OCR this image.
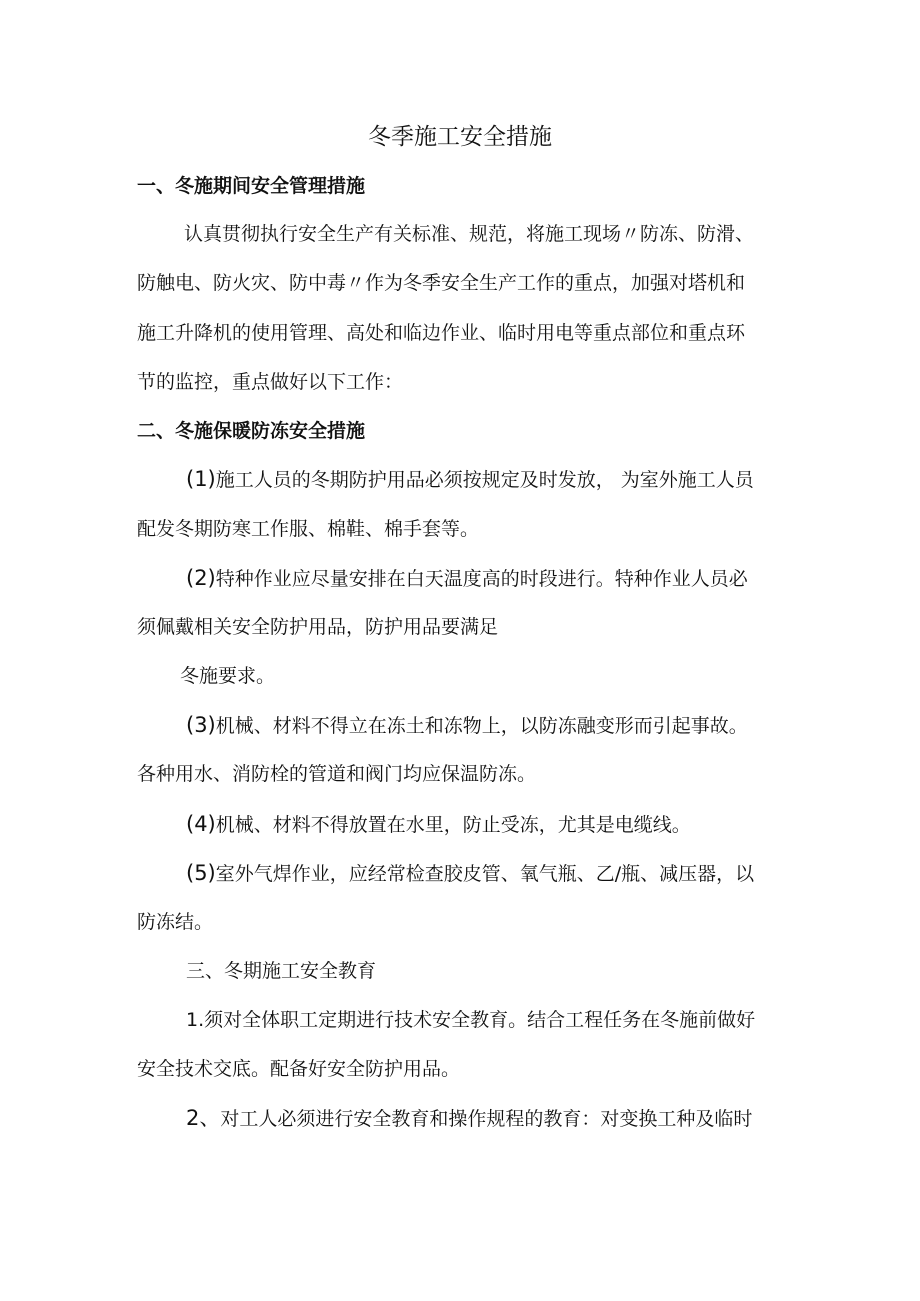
冬季施工安全措施
一、冬施期间安全管理措施
认真贯彻执行安全生产有关标准、规范，将施工现场〃防冻、防滑、
防触电、防火灾、防中毒〃作为冬季安全生产工作的重点，加强对塔机和
施工升降机的使用管理、高处和临边作业、临时用电等重点部位和重点环
节的监控，重点做好以下工作：
二、冬施保暖防冻安全措施
(1)施工人员的冬期防护用品必须按规定及时发放， 为室外施工人员
配发冬期防寒工作服、棉鞋、棉手套等。
(2)特种作业应尽量安排在白天温度高的时段进行。特种作业人员必
须佩戴相关安全防护用品，防护用品要满足
冬施要求。
(3)机械、材料不得立在冻土和冻物上，以防冻融变形而引起事故。
各种用水、消防栓的管道和阀门均应保温防冻。
(4)机械、材料不得放置在水里，防止受冻，尤其是电缆线。
(5)室外气焊作业，应经常检查胶皮管、氧气瓶、乙/瓶、减压器，以
防冻结。
三、冬期施工安全教育
1.须对全体职工定期进行技术安全教育。结合工程任务在冬施前做好
安全技术交底。配备好安全防护用品。
2、对工人必须进行安全教育和操作规程的教育：对变换工种及临时
